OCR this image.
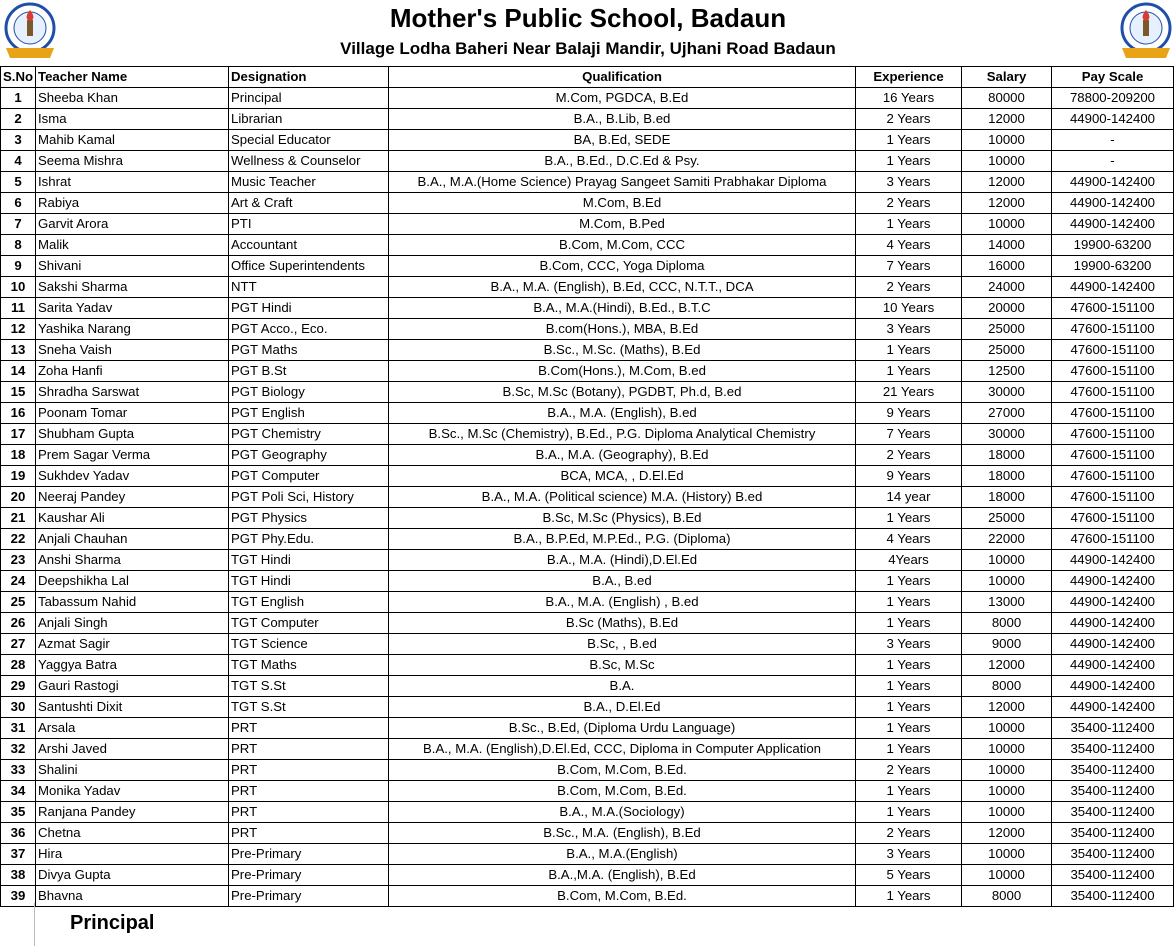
Mother's Public School, Badaun
Village Lodha Baheri Near Balaji Mandir, Ujhani Road Badaun
S.No	Teacher Name	Designation	Qualification	Experience	Salary	Pay Scale
1	Sheeba Khan	Principal	M.Com, PGDCA, B.Ed	16 Years	80000	78800-209200
2	Isma	Librarian	B.A., B.Lib, B.ed	2 Years	12000	44900-142400
3	Mahib Kamal	Special Educator	BA, B.Ed, SEDE	1 Years	10000	-
4	Seema Mishra	Wellness & Counselor	B.A., B.Ed., D.C.Ed & Psy.	1 Years	10000	-
5	Ishrat	Music Teacher	B.A., M.A.(Home Science) Prayag Sangeet Samiti Prabhakar Diploma	3 Years	12000	44900-142400
6	Rabiya	Art & Craft	M.Com, B.Ed	2 Years	12000	44900-142400
7	Garvit Arora	PTI	M.Com, B.Ped	1 Years	10000	44900-142400
8	Malik	Accountant	B.Com, M.Com, CCC	4 Years	14000	19900-63200
9	Shivani	Office Superintendents	B.Com, CCC, Yoga Diploma	7 Years	16000	19900-63200
10	Sakshi Sharma	NTT	B.A., M.A. (English), B.Ed, CCC, N.T.T., DCA	2 Years	24000	44900-142400
11	Sarita Yadav	PGT Hindi	B.A., M.A.(Hindi), B.Ed., B.T.C	10 Years	20000	47600-151100
12	Yashika Narang	PGT Acco., Eco.	B.com(Hons.), MBA, B.Ed	3 Years	25000	47600-151100
13	Sneha Vaish	PGT Maths	B.Sc., M.Sc. (Maths), B.Ed	1 Years	25000	47600-151100
14	Zoha Hanfi	PGT B.St	B.Com(Hons.), M.Com, B.ed	1 Years	12500	47600-151100
15	Shradha Sarswat	PGT Biology	B.Sc, M.Sc (Botany), PGDBT, Ph.d, B.ed	21 Years	30000	47600-151100
16	Poonam Tomar	PGT English	B.A., M.A. (English), B.ed	9 Years	27000	47600-151100
17	Shubham Gupta	PGT Chemistry	B.Sc., M.Sc (Chemistry), B.Ed., P.G. Diploma Analytical Chemistry	7 Years	30000	47600-151100
18	Prem Sagar Verma	PGT Geography	B.A., M.A. (Geography), B.Ed	2 Years	18000	47600-151100
19	Sukhdev Yadav	PGT Computer	BCA, MCA, , D.El.Ed	9 Years	18000	47600-151100
20	Neeraj Pandey	PGT Poli Sci, History	B.A., M.A. (Political science) M.A. (History) B.ed	14 year	18000	47600-151100
21	Kaushar Ali	PGT Physics	B.Sc, M.Sc (Physics), B.Ed	1 Years	25000	47600-151100
22	Anjali Chauhan	PGT Phy.Edu.	B.A., B.P.Ed, M.P.Ed., P.G. (Diploma)	4 Years	22000	47600-151100
23	Anshi Sharma	TGT Hindi	B.A., M.A. (Hindi),D.El.Ed	4Years	10000	44900-142400
24	Deepshikha Lal	TGT Hindi	B.A., B.ed	1 Years	10000	44900-142400
25	Tabassum Nahid	TGT English	B.A., M.A. (English) , B.ed	1 Years	13000	44900-142400
26	Anjali Singh	TGT Computer	B.Sc (Maths), B.Ed	1 Years	8000	44900-142400
27	Azmat Sagir	TGT Science	B.Sc, , B.ed	3 Years	9000	44900-142400
28	Yaggya Batra	TGT Maths	B.Sc, M.Sc	1 Years	12000	44900-142400
29	Gauri Rastogi	TGT S.St	B.A.	1 Years	8000	44900-142400
30	Santushti Dixit	TGT S.St	B.A., D.El.Ed	1 Years	12000	44900-142400
31	Arsala	PRT	B.Sc., B.Ed, (Diploma Urdu Language)	1 Years	10000	35400-112400
32	Arshi Javed	PRT	B.A., M.A. (English),D.El.Ed, CCC, Diploma in Computer Application	1 Years	10000	35400-112400
33	Shalini	PRT	B.Com, M.Com, B.Ed.	2 Years	10000	35400-112400
34	Monika Yadav	PRT	B.Com, M.Com, B.Ed.	1 Years	10000	35400-112400
35	Ranjana Pandey	PRT	B.A., M.A.(Sociology)	1 Years	10000	35400-112400
36	Chetna	PRT	B.Sc., M.A. (English), B.Ed	2 Years	12000	35400-112400
37	Hira	Pre-Primary	B.A., M.A.(English)	3 Years	10000	35400-112400
38	Divya Gupta	Pre-Primary	B.A.,M.A. (English), B.Ed	5 Years	10000	35400-112400
39	Bhavna	Pre-Primary	B.Com, M.Com, B.Ed.	1 Years	8000	35400-112400
Principal
